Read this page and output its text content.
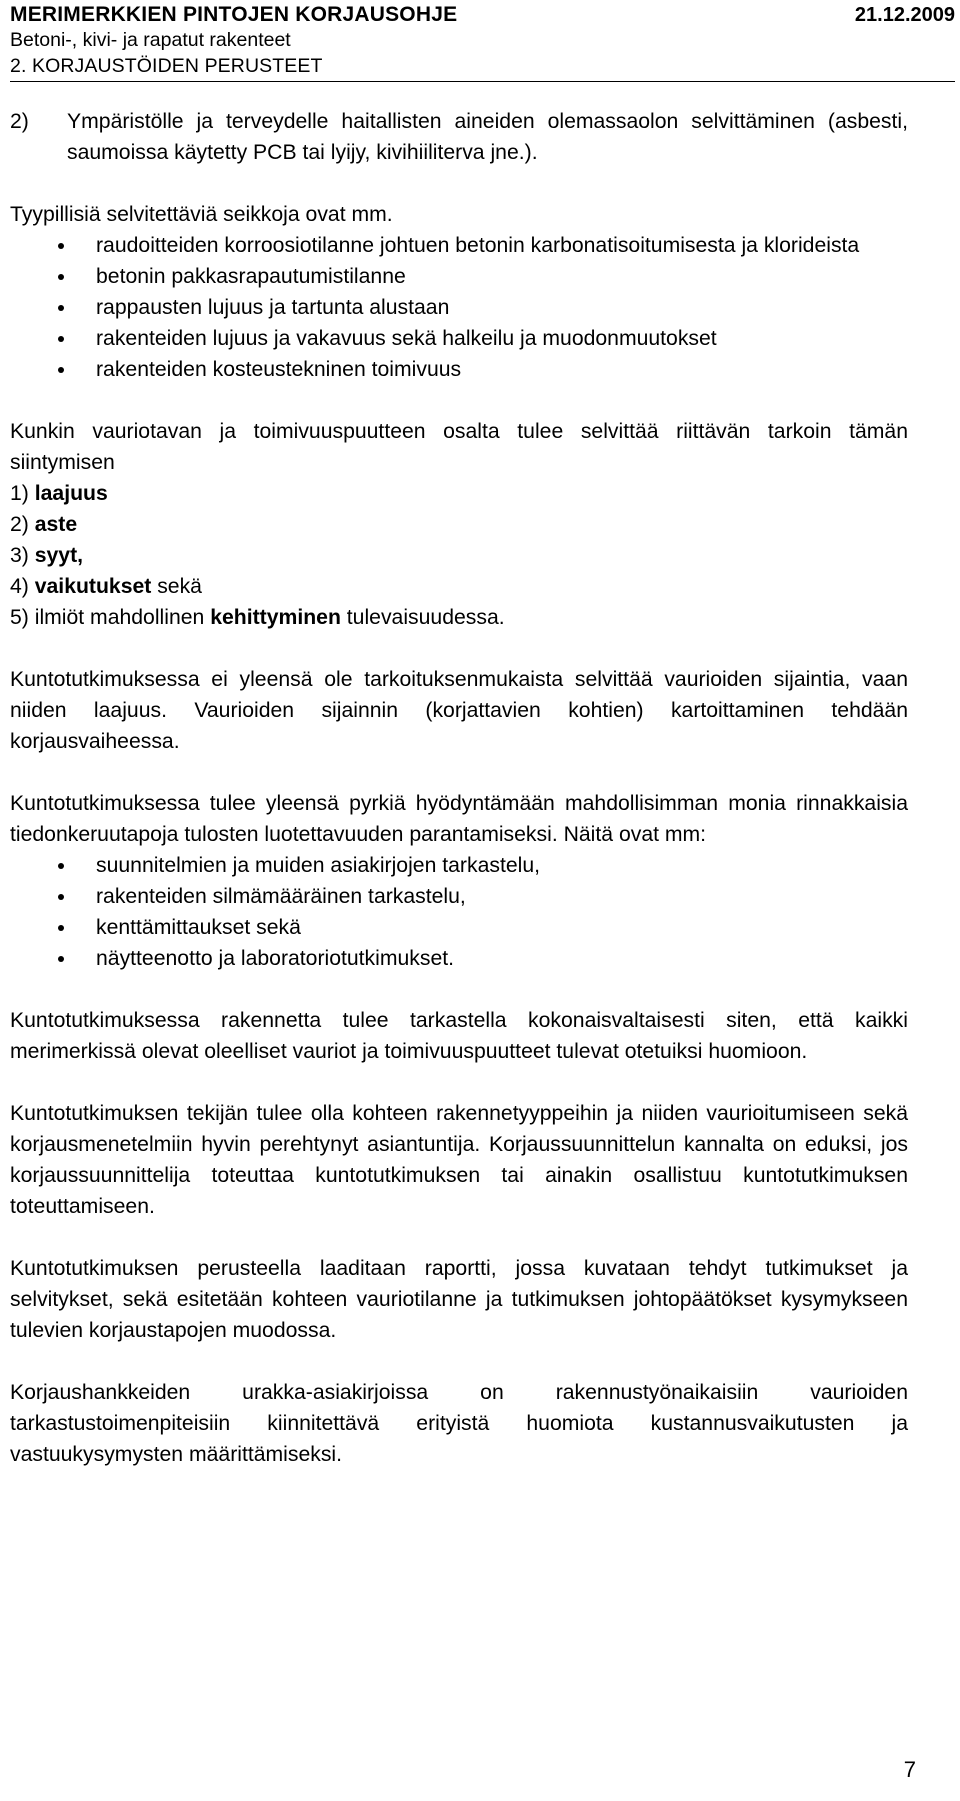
MERIMERKKIEN PINTOJEN KORJAUSOHJE	21.12.2009
Betoni-, kivi- ja rapatut rakenteet
2. KORJAUSTÖIDEN PERUSTEET
2)	Ympäristölle ja terveydelle haitallisten aineiden olemassaolon selvittäminen (asbesti, saumoissa käytetty PCB tai lyijy, kivihiiliterva jne.).

Tyypillisiä selvitettäviä seikkoja ovat mm.

raudoitteiden korroosiotilanne johtuen betonin karbonatisoitumisesta ja klorideista
betonin pakkasrapautumistilanne
rappausten lujuus ja tartunta alustaan
rakenteiden lujuus ja vakavuus sekä halkeilu ja muodonmuutokset
rakenteiden kosteustekninen toimivuus

Kunkin vauriotavan ja toimivuuspuutteen osalta tulee selvittää riittävän tarkoin tämän siintymisen

1) laajuus
2) aste
3) syyt,
4) vaikutukset sekä
5) ilmiöt mahdollinen kehittyminen tulevaisuudessa.

Kuntotutkimuksessa ei yleensä ole tarkoituksenmukaista selvittää vaurioiden sijaintia, vaan niiden laajuus. Vaurioiden sijainnin (korjattavien kohtien) kartoittaminen tehdään korjausvaiheessa.

Kuntotutkimuksessa tulee yleensä pyrkiä hyödyntämään mahdollisimman monia rinnakkaisia tiedonkeruutapoja tulosten luotettavuuden parantamiseksi. Näitä ovat mm:

suunnitelmien ja muiden asiakirjojen tarkastelu,
rakenteiden silmämääräinen tarkastelu,
kenttämittaukset sekä
näytteenotto ja laboratoriotutkimukset.

Kuntotutkimuksessa rakennetta tulee tarkastella kokonaisvaltaisesti siten, että kaikki merimerkissä olevat oleelliset vauriot ja toimivuuspuutteet tulevat otetuiksi huomioon.

Kuntotutkimuksen tekijän tulee olla kohteen rakennetyyppeihin ja niiden vaurioitumiseen sekä korjausmenetelmiin hyvin perehtynyt asiantuntija. Korjaussuunnittelun kannalta on eduksi, jos korjaussuunnittelija toteuttaa kuntotutkimuksen tai ainakin osallistuu kuntotutkimuksen toteuttamiseen.

Kuntotutkimuksen perusteella laaditaan raportti, jossa kuvataan tehdyt tutkimukset ja selvitykset, sekä esitetään kohteen vauriotilanne ja tutkimuksen johtopäätökset kysymykseen tulevien korjaustapojen muodossa.

Korjaushankkeiden urakka-asiakirjoissa on rakennustyönaikaisiin vaurioiden tarkastustoimenpiteisiin kiinnitettävä erityistä huomiota kustannusvaikutusten ja vastuukysymysten määrittämiseksi.

7
